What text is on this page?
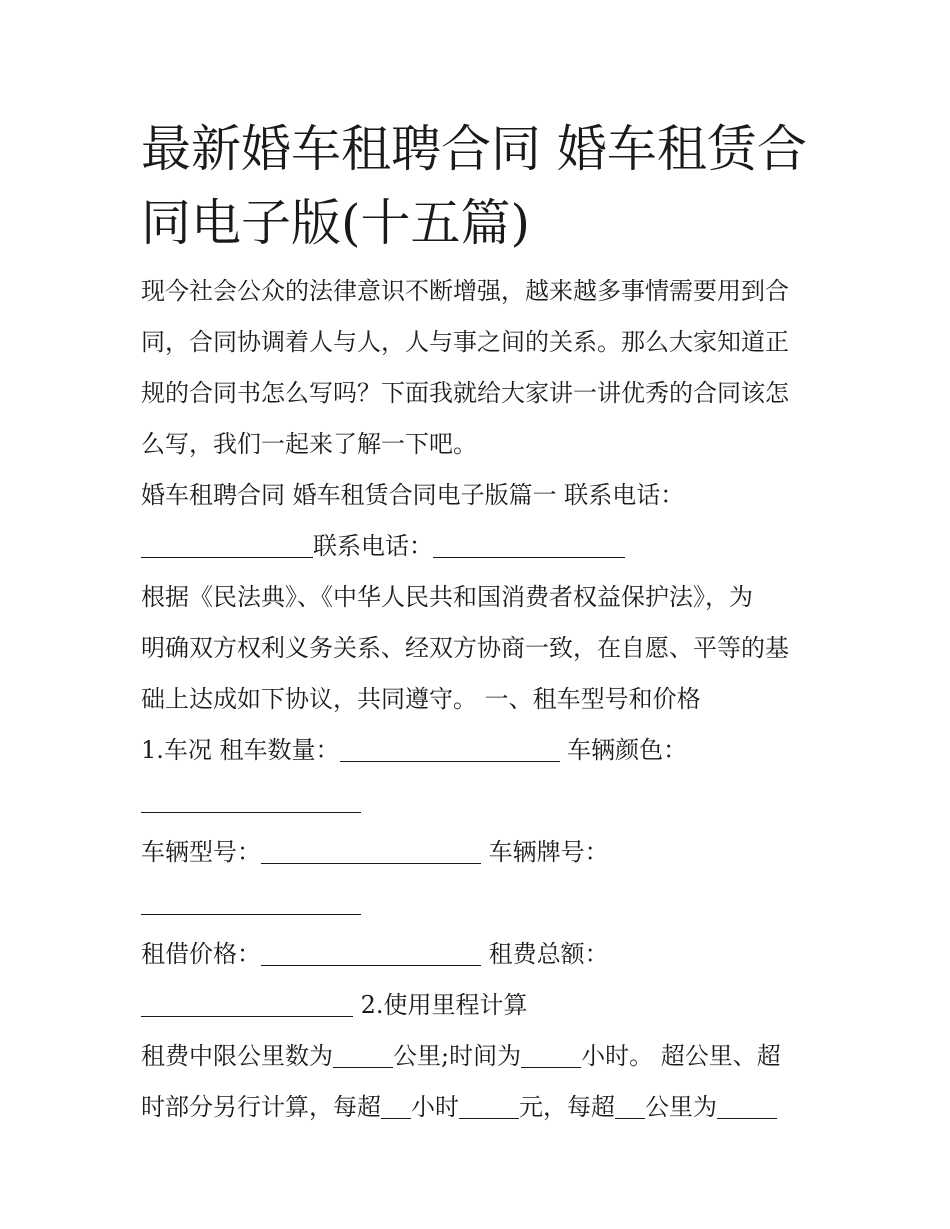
最新婚车租聘合同 婚车租赁合
同电子版(十五篇)

现今社会公众的法律意识不断增强，越来越多事情需要用到合

同，合同协调着人与人，人与事之间的关系。那么大家知道正

规的合同书怎么写吗？下面我就给大家讲一讲优秀的合同该怎

么写，我们一起来了解一下吧。

婚车租聘合同 婚车租赁合同电子版篇一 联系电话：

联系电话：

根据《民法典》、《中华人民共和国消费者权益保护法》，为

明确双方权利义务关系、经双方协商一致，在自愿、平等的基

础上达成如下协议，共同遵守。 一、租车型号和价格

1.车况 租车数量：	车辆颜色：

车辆型号：	车辆牌号：

租借价格：	租费总额：

2.使用里程计算

租费中限公里数为	公里;时间为	小时。 超公里、超

时部分另行计算，每超 小时	元，每超 公里为
